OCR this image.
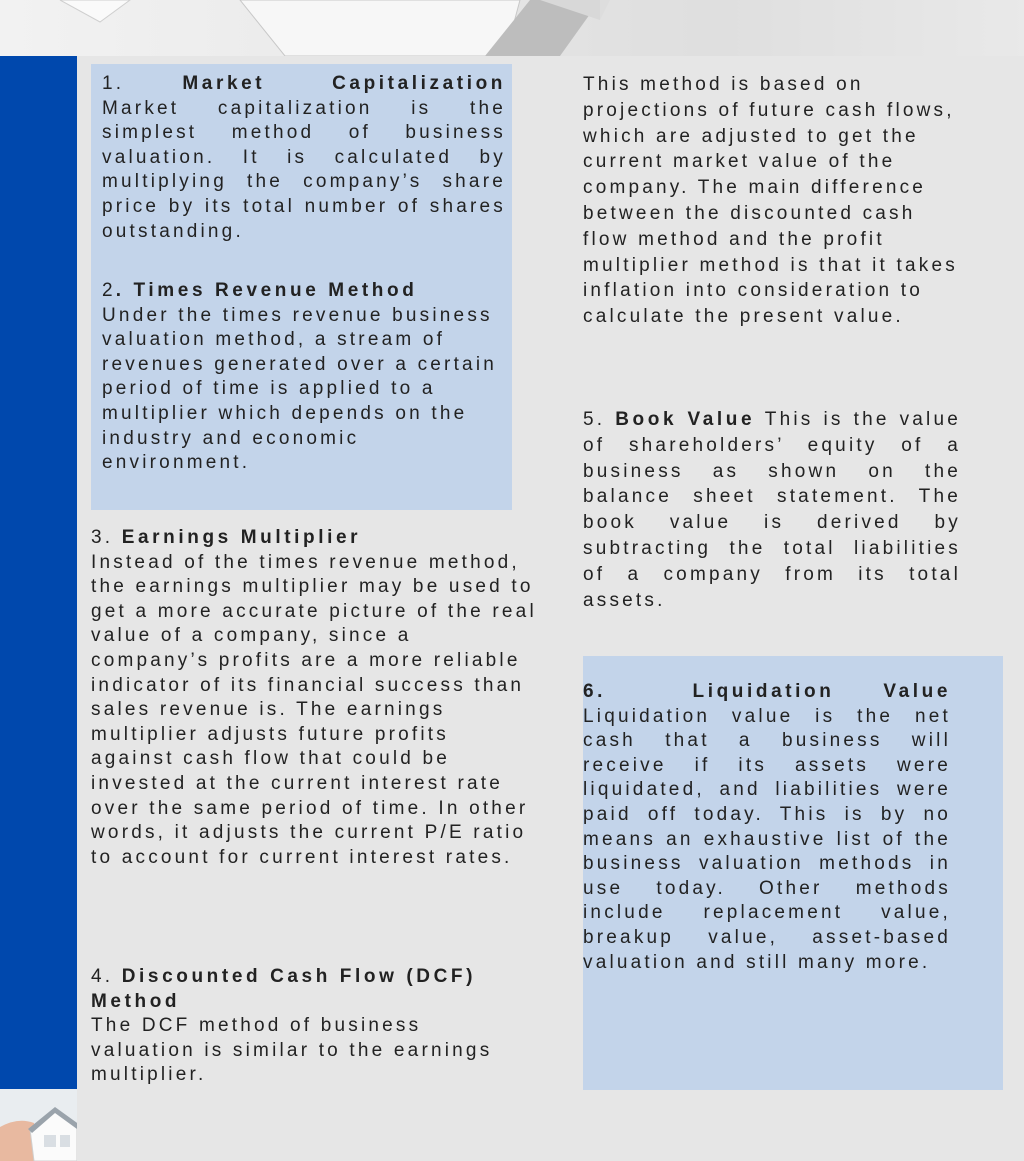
1.	Market Capitalization

Market capitalization is the simplest method of business valuation. It is calculated by multiplying the company’s share price by its total number of shares outstanding.

2. Times Revenue Method

Under the times revenue business valuation method, a stream of revenues generated over a certain period of time is applied to a multiplier which depends on the industry and economic environment.

3. Earnings Multiplier

Instead of the times revenue method, the earnings multiplier may be used to get a more accurate picture of the real value of a company, since a company’s profits are a more reliable indicator of its financial success than sales revenue is. The earnings multiplier adjusts future profits against cash flow that could be invested at the current interest rate over the same period of time. In other words, it adjusts the current P/E ratio to account for current interest rates.

4. Discounted Cash Flow (DCF) Method

The DCF method of business valuation is similar to the earnings multiplier.

This method is based on projections of future cash flows, which are adjusted to get the current market value of the company. The main difference between the discounted cash flow method and the profit multiplier method is that it takes inflation into consideration to calculate the present value.

5. Book Value This is the value of shareholders’ equity of a business as shown on the balance sheet statement. The book value is derived by subtracting the total liabilities of a company from its total assets.

6.	Liquidation Value

Liquidation value is the net cash that a business will receive if its assets were liquidated, and liabilities were paid off today. This is by no means an exhaustive list of the business valuation methods in use today. Other methods include replacement value, breakup value, asset-based valuation and still many more.
